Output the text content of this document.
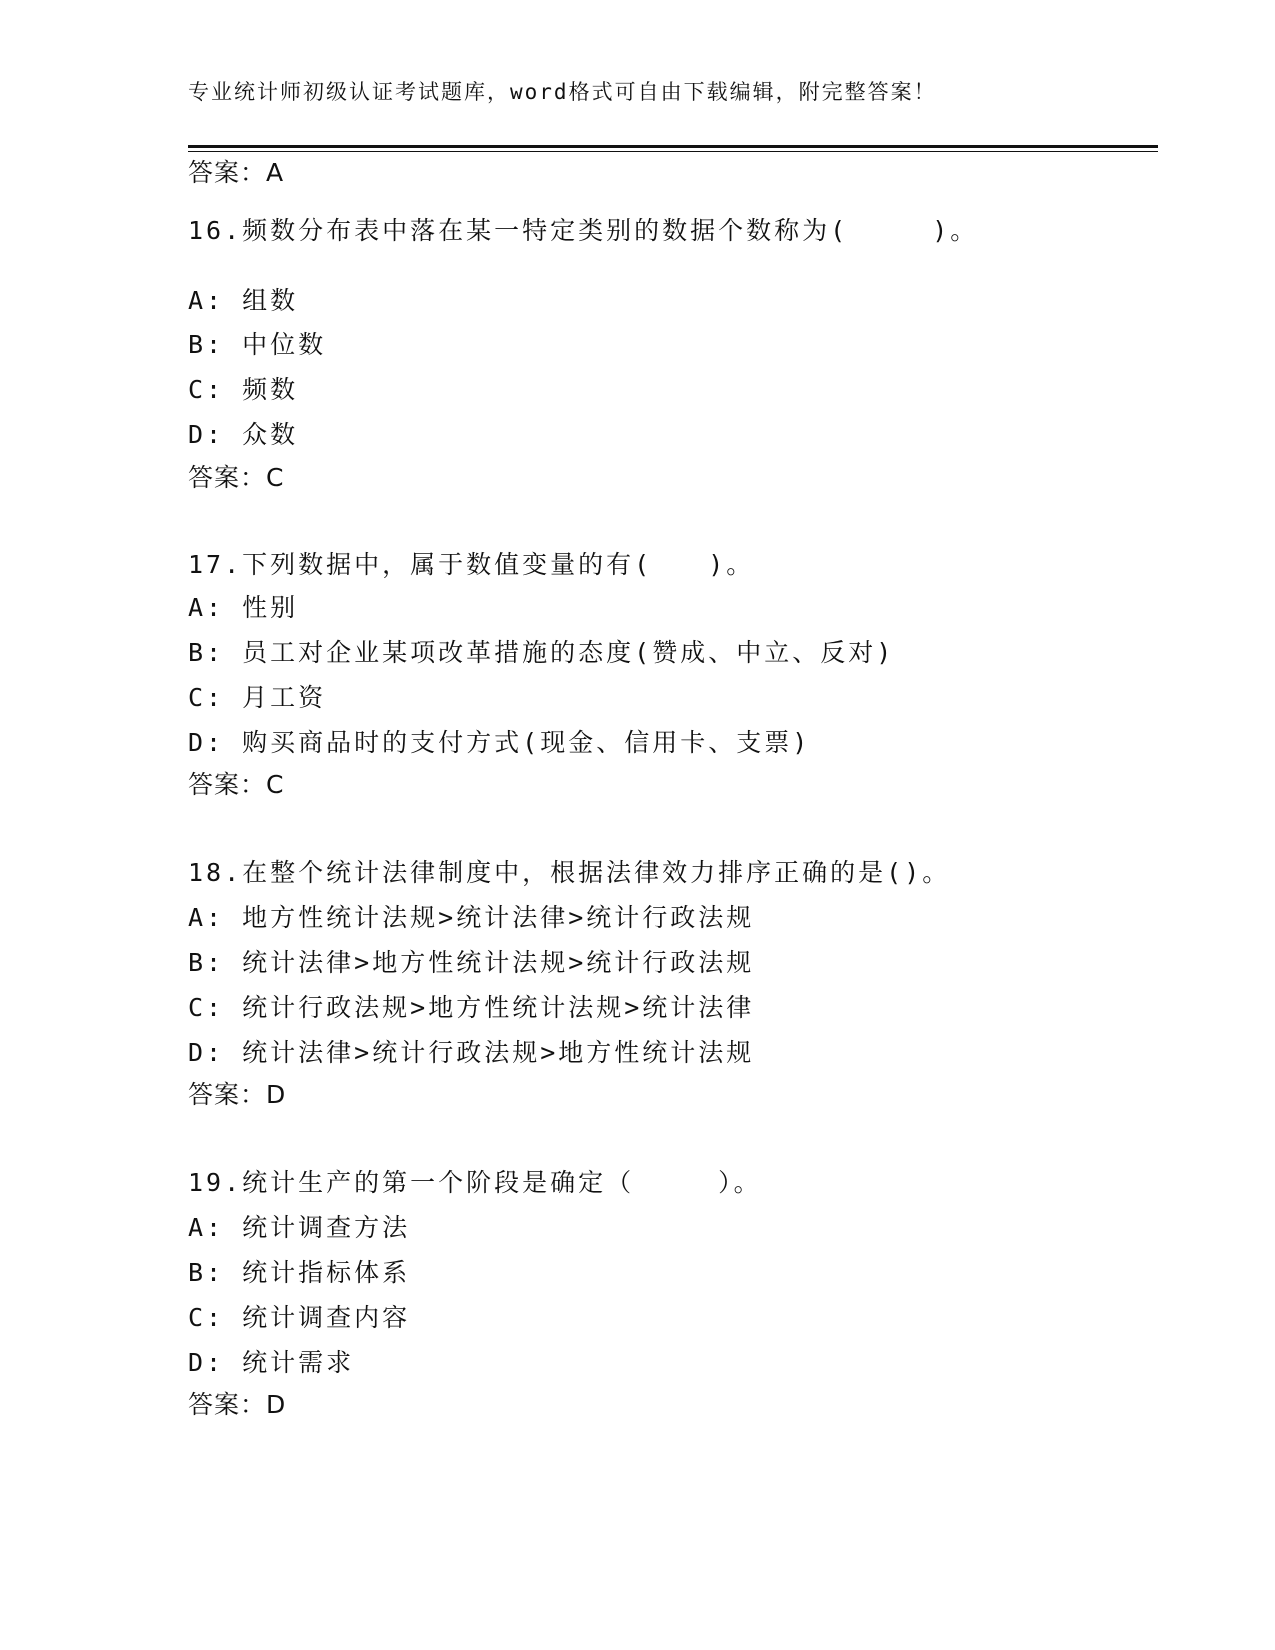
专业统计师初级认证考试题库，word格式可自由下载编辑，附完整答案！
答案：A
16.频数分布表中落在某一特定类别的数据个数称为(　　　)。
A: 组数
B: 中位数
C: 频数
D: 众数
答案：C
17.下列数据中，属于数值变量的有(　　)。
A: 性别
B: 员工对企业某项改革措施的态度(赞成、中立、反对)
C: 月工资
D: 购买商品时的支付方式(现金、信用卡、支票)
答案：C
18.在整个统计法律制度中，根据法律效力排序正确的是()。
A: 地方性统计法规>统计法律>统计行政法规
B: 统计法律>地方性统计法规>统计行政法规
C: 统计行政法规>地方性统计法规>统计法律
D: 统计法律>统计行政法规>地方性统计法规
答案：D
19.统计生产的第一个阶段是确定（　　　）。
A: 统计调查方法
B: 统计指标体系
C: 统计调查内容
D: 统计需求
答案：D
